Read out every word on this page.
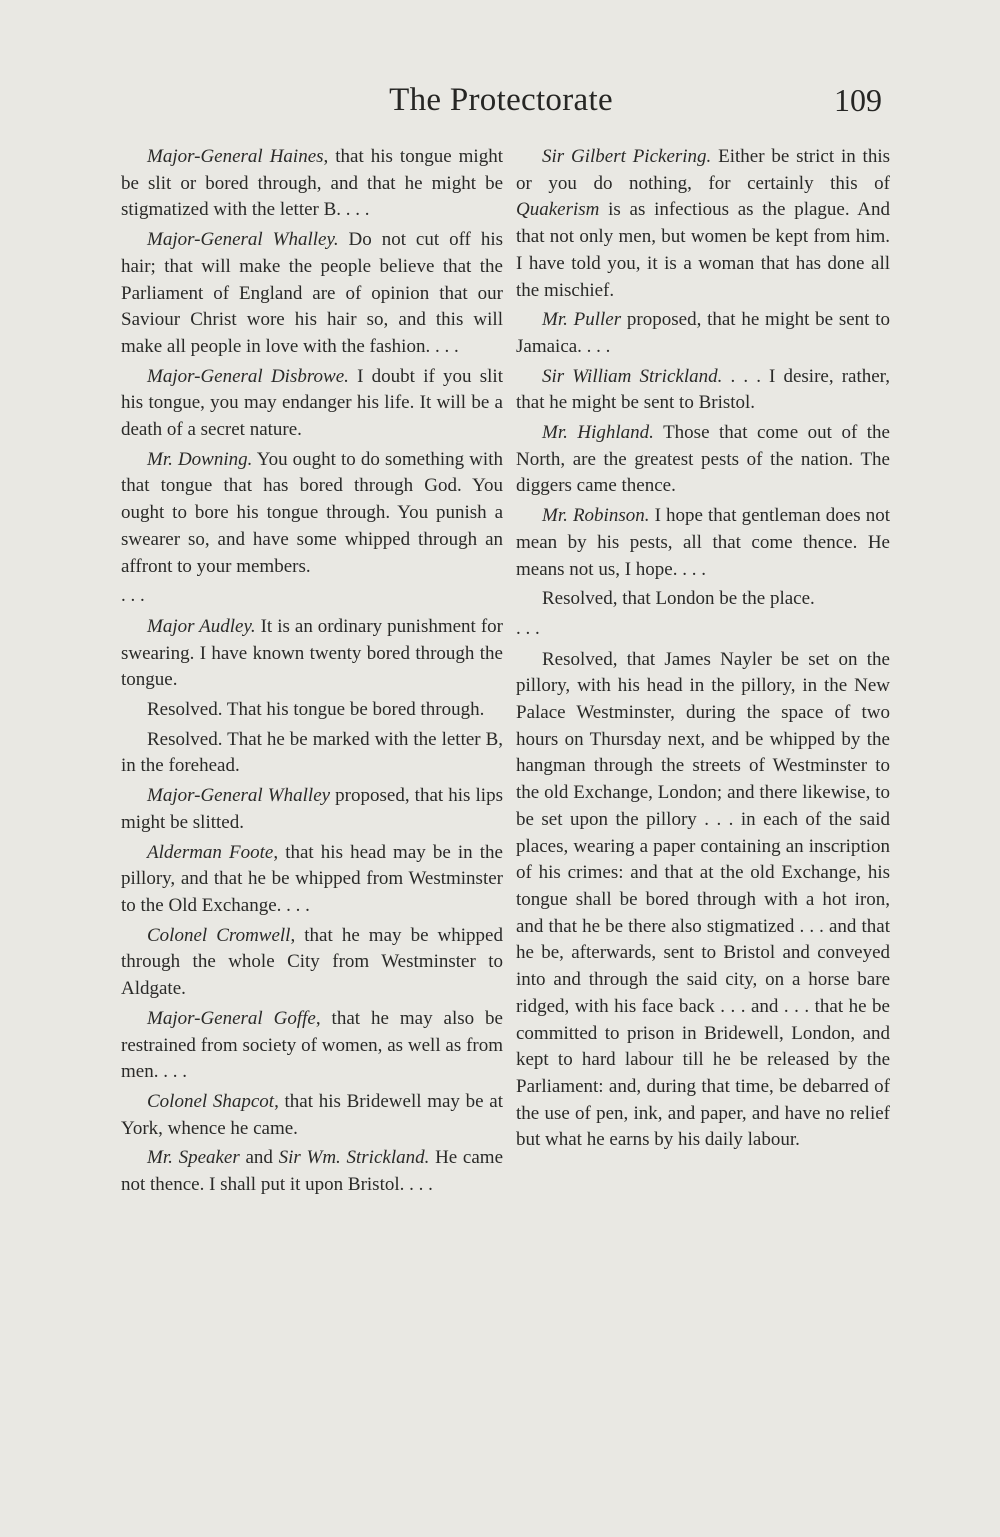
The Protectorate	109

Major-General Haines, that his tongue might be slit or bored through, and that he might be stigmatized with the letter B. . . .

Major-General Whalley. Do not cut off his hair; that will make the people believe that the Parliament of England are of opinion that our Saviour Christ wore his hair so, and this will make all people in love with the fashion. . . .

Major-General Disbrowe. I doubt if you slit his tongue, you may endanger his life. It will be a death of a secret nature.

Mr. Downing. You ought to do something with that tongue that has bored through God. You ought to bore his tongue through. You punish a swearer so, and have some whipped through an affront to your members.

. . .

Major Audley. It is an ordinary punishment for swearing. I have known twenty bored through the tongue.

Resolved. That his tongue be bored through.

Resolved. That he be marked with the letter B, in the forehead.

Major-General Whalley proposed, that his lips might be slitted.

Alderman Foote, that his head may be in the pillory, and that he be whipped from Westminster to the Old Exchange. . . .

Colonel Cromwell, that he may be whipped through the whole City from Westminster to Aldgate.

Major-General Goffe, that he may also be restrained from society of women, as well as from men. . . .

Colonel Shapcot, that his Bridewell may be at York, whence he came.

Mr. Speaker and Sir Wm. Strickland. He came not thence. I shall put it upon Bristol. . . .

Sir Gilbert Pickering. Either be strict in this or you do nothing, for certainly this of Quakerism is as infectious as the plague. And that not only men, but women be kept from him. I have told you, it is a woman that has done all the mischief.

Mr. Puller proposed, that he might be sent to Jamaica. . . .

Sir William Strickland. . . . I desire, rather, that he might be sent to Bristol.

Mr. Highland. Those that come out of the North, are the greatest pests of the nation. The diggers came thence.

Mr. Robinson. I hope that gentleman does not mean by his pests, all that come thence. He means not us, I hope. . . .

Resolved, that London be the place.

. . .

Resolved, that James Nayler be set on the pillory, with his head in the pillory, in the New Palace Westminster, during the space of two hours on Thursday next, and be whipped by the hangman through the streets of Westminster to the old Exchange, London; and there likewise, to be set upon the pillory . . . in each of the said places, wearing a paper containing an inscription of his crimes: and that at the old Exchange, his tongue shall be bored through with a hot iron, and that he be there also stigmatized . . . and that he be, afterwards, sent to Bristol and conveyed into and through the said city, on a horse bare ridged, with his face back . . . and . . . that he be committed to prison in Bridewell, London, and kept to hard labour till he be released by the Parliament: and, during that time, be debarred of the use of pen, ink, and paper, and have no relief but what he earns by his daily labour.
